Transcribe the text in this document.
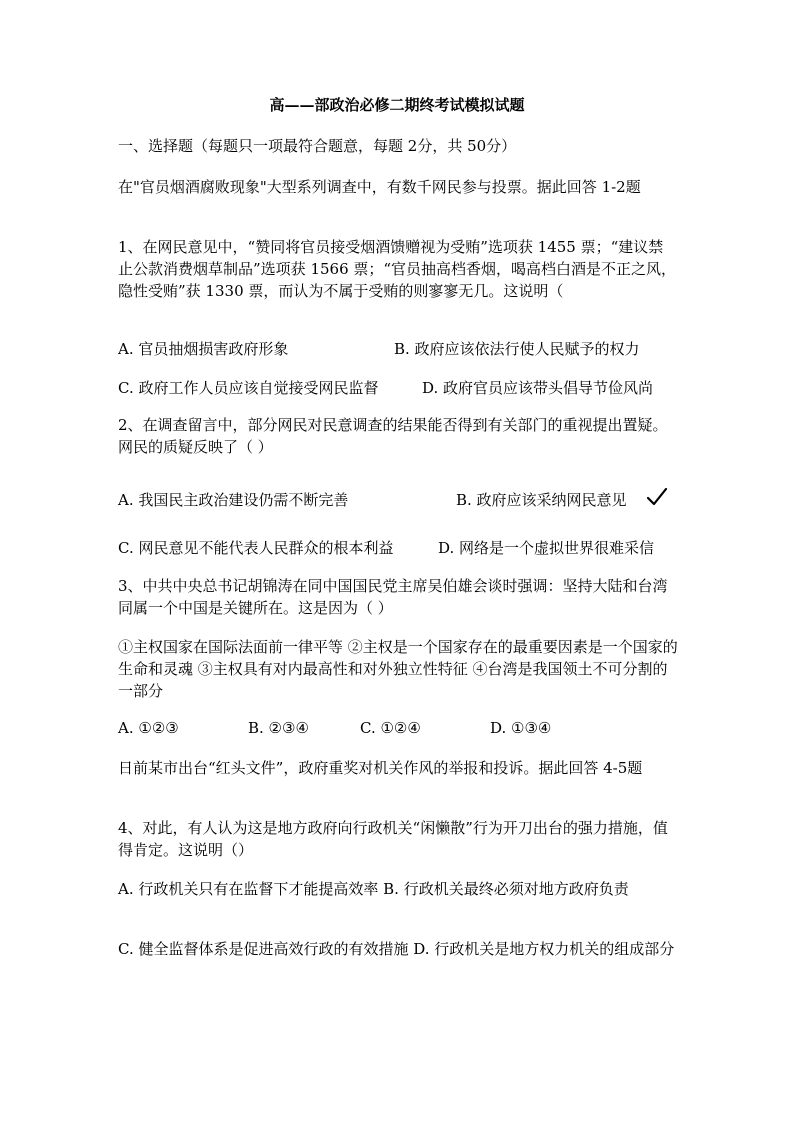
高——部政治必修二期终考试模拟试题
一、选择题（每题只一项最符合题意，每题 2分，共 50分）
在"官员烟酒腐败现象"大型系列调查中，有数千网民参与投票。据此回答 1-2题
1、在网民意见中，“赞同将官员接受烟酒馈赠视为受贿”选项获 1455 票；“建议禁止公款消费烟草制品”选项获 1566 票；“官员抽高档香烟，喝高档白酒是不正之风，隐性受贿”获 1330 票，而认为不属于受贿的则寥寥无几。这说明（
A. 官员抽烟损害政府形象	B. 政府应该依法行使人民赋予的权力
C. 政府工作人员应该自觉接受网民监督	D. 政府官员应该带头倡导节俭风尚
2、在调查留言中，部分网民对民意调查的结果能否得到有关部门的重视提出置疑。网民的质疑反映了（ ）
A. 我国民主政治建设仍需不断完善	B. 政府应该采纳网民意见
C. 网民意见不能代表人民群众的根本利益	D. 网络是一个虚拟世界很难采信
3、中共中央总书记胡锦涛在同中国国民党主席吴伯雄会谈时强调：坚持大陆和台湾同属一个中国是关键所在。这是因为（ ）
①主权国家在国际法面前一律平等 ②主权是一个国家存在的最重要因素是一个国家的生命和灵魂 ③主权具有对内最高性和对外独立性特征 ④台湾是我国领土不可分割的一部分
A. ①②③	B. ②③④	C. ①②④	D. ①③④
日前某市出台“红头文件”，政府重奖对机关作风的举报和投诉。据此回答 4-5题
4、对此，有人认为这是地方政府向行政机关“闲懒散”行为开刀出台的强力措施，值得肯定。这说明（）
A. 行政机关只有在监督下才能提高效率 B. 行政机关最终必须对地方政府负责
C. 健全监督体系是促进高效行政的有效措施 D. 行政机关是地方权力机关的组成部分
